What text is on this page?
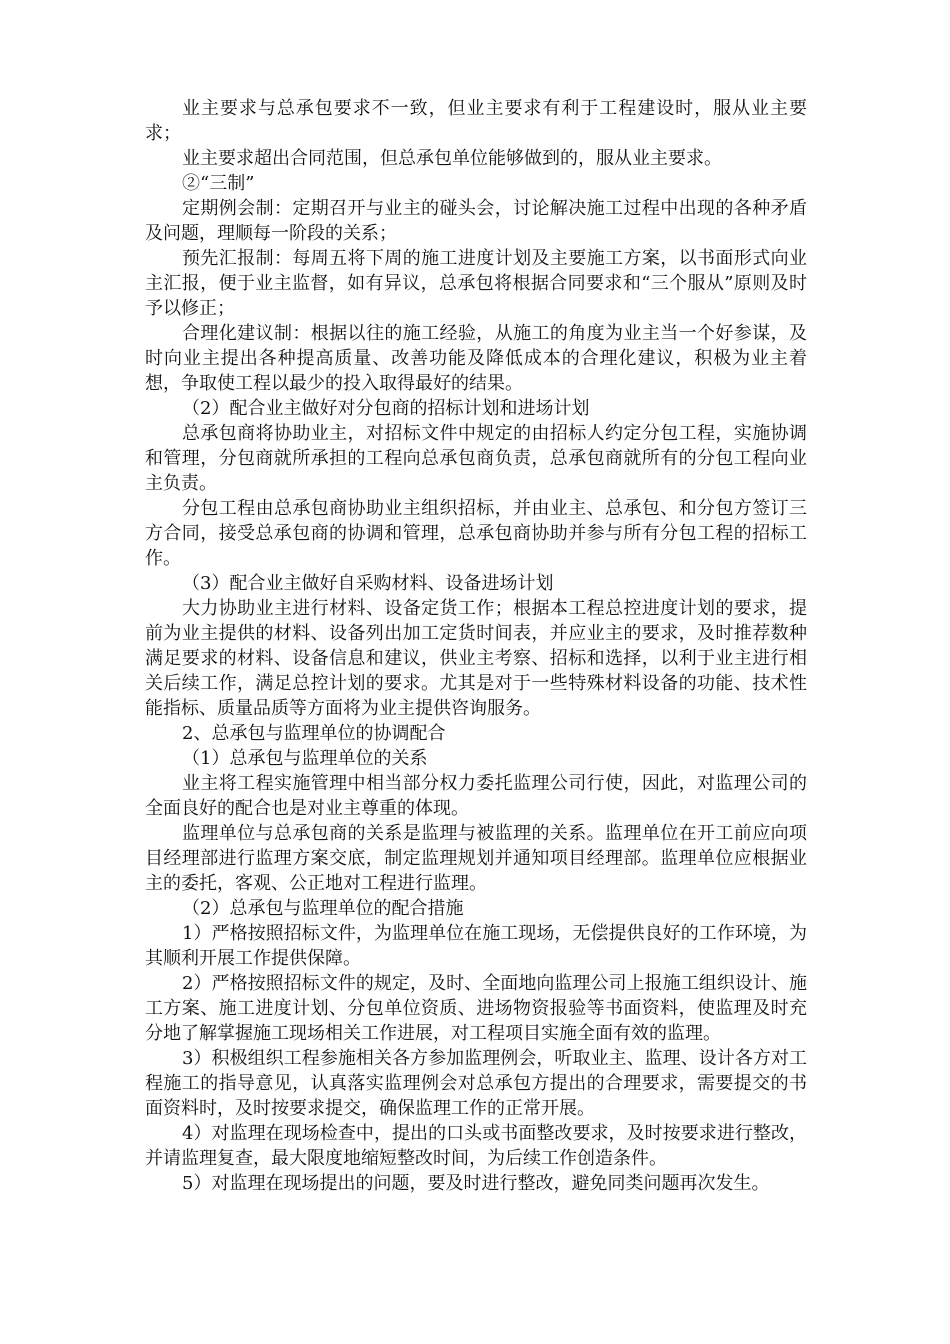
业主要求与总承包要求不一致，但业主要求有利于工程建设时，服从业主要求；

业主要求超出合同范围，但总承包单位能够做到的，服从业主要求。

②“三制”

定期例会制：定期召开与业主的碰头会，讨论解决施工过程中出现的各种矛盾及问题，理顺每一阶段的关系；

预先汇报制：每周五将下周的施工进度计划及主要施工方案，以书面形式向业主汇报，便于业主监督，如有异议，总承包将根据合同要求和“三个服从”原则及时予以修正；

合理化建议制：根据以往的施工经验，从施工的角度为业主当一个好参谋，及时向业主提出各种提高质量、改善功能及降低成本的合理化建议，积极为业主着想，争取使工程以最少的投入取得最好的结果。

（2）配合业主做好对分包商的招标计划和进场计划

总承包商将协助业主，对招标文件中规定的由招标人约定分包工程，实施协调和管理，分包商就所承担的工程向总承包商负责，总承包商就所有的分包工程向业主负责。

分包工程由总承包商协助业主组织招标，并由业主、总承包、和分包方签订三方合同，接受总承包商的协调和管理，总承包商协助并参与所有分包工程的招标工作。

（3）配合业主做好自采购材料、设备进场计划

大力协助业主进行材料、设备定货工作；根据本工程总控进度计划的要求，提前为业主提供的材料、设备列出加工定货时间表，并应业主的要求，及时推荐数种满足要求的材料、设备信息和建议，供业主考察、招标和选择，以利于业主进行相关后续工作，满足总控计划的要求。尤其是对于一些特殊材料设备的功能、技术性能指标、质量品质等方面将为业主提供咨询服务。

2、总承包与监理单位的协调配合

（1）总承包与监理单位的关系

业主将工程实施管理中相当部分权力委托监理公司行使，因此，对监理公司的全面良好的配合也是对业主尊重的体现。

监理单位与总承包商的关系是监理与被监理的关系。监理单位在开工前应向项目经理部进行监理方案交底，制定监理规划并通知项目经理部。监理单位应根据业主的委托，客观、公正地对工程进行监理。

（2）总承包与监理单位的配合措施

1）严格按照招标文件，为监理单位在施工现场，无偿提供良好的工作环境，为其顺利开展工作提供保障。

2）严格按照招标文件的规定，及时、全面地向监理公司上报施工组织设计、施工方案、施工进度计划、分包单位资质、进场物资报验等书面资料，使监理及时充分地了解掌握施工现场相关工作进展，对工程项目实施全面有效的监理。

3）积极组织工程参施相关各方参加监理例会，听取业主、监理、设计各方对工程施工的指导意见，认真落实监理例会对总承包方提出的合理要求，需要提交的书面资料时，及时按要求提交，确保监理工作的正常开展。

4）对监理在现场检查中，提出的口头或书面整改要求，及时按要求进行整改，并请监理复查，最大限度地缩短整改时间，为后续工作创造条件。

5）对监理在现场提出的问题，要及时进行整改，避免同类问题再次发生。
